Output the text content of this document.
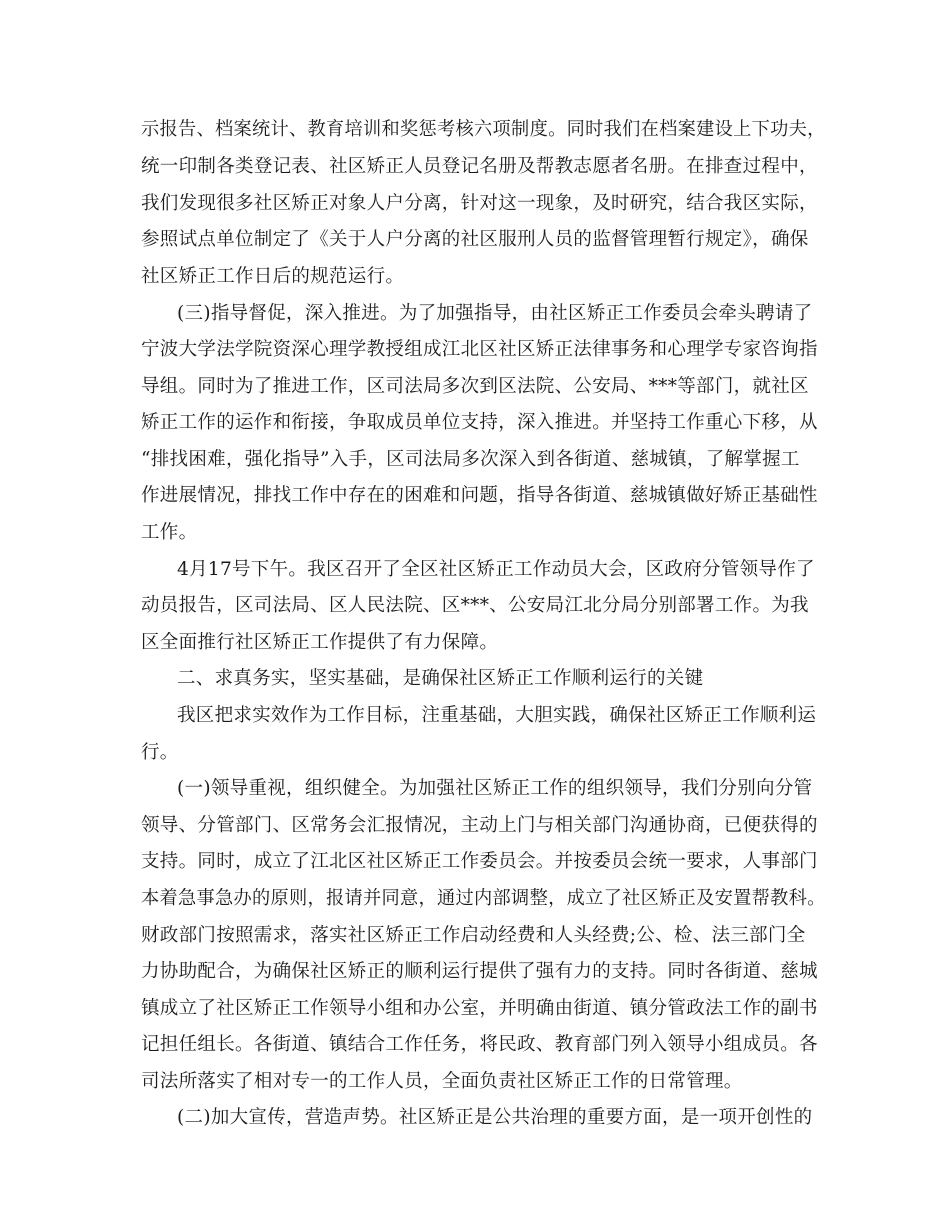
示报告、档案统计、教育培训和奖惩考核六项制度。同时我们在档案建设上下功夫，
统一印制各类登记表、社区矫正人员登记名册及帮教志愿者名册。在排查过程中，
我们发现很多社区矫正对象人户分离，针对这一现象，及时研究，结合我区实际，
参照试点单位制定了《关于人户分离的社区服刑人员的监督管理暂行规定》，确保
社区矫正工作日后的规范运行。
(三)指导督促，深入推进。为了加强指导，由社区矫正工作委员会牵头聘请了
宁波大学法学院资深心理学教授组成江北区社区矫正法律事务和心理学专家咨询指
导组。同时为了推进工作，区司法局多次到区法院、公安局、***等部门，就社区
矫正工作的运作和衔接，争取成员单位支持，深入推进。并坚持工作重心下移，从
“排找困难，强化指导”入手，区司法局多次深入到各街道、慈城镇，了解掌握工
作进展情况，排找工作中存在的困难和问题，指导各街道、慈城镇做好矫正基础性
工作。
4月17号下午。我区召开了全区社区矫正工作动员大会，区政府分管领导作了
动员报告，区司法局、区人民法院、区***、公安局江北分局分别部署工作。为我
区全面推行社区矫正工作提供了有力保障。
二、求真务实，坚实基础，是确保社区矫正工作顺利运行的关键
我区把求实效作为工作目标，注重基础，大胆实践，确保社区矫正工作顺利运
行。
(一)领导重视，组织健全。为加强社区矫正工作的组织领导，我们分别向分管
领导、分管部门、区常务会汇报情况，主动上门与相关部门沟通协商，已便获得的
支持。同时，成立了江北区社区矫正工作委员会。并按委员会统一要求，人事部门
本着急事急办的原则，报请并同意，通过内部调整，成立了社区矫正及安置帮教科。
财政部门按照需求，落实社区矫正工作启动经费和人头经费;公、检、法三部门全
力协助配合，为确保社区矫正的顺利运行提供了强有力的支持。同时各街道、慈城
镇成立了社区矫正工作领导小组和办公室，并明确由街道、镇分管政法工作的副书
记担任组长。各街道、镇结合工作任务，将民政、教育部门列入领导小组成员。各
司法所落实了相对专一的工作人员，全面负责社区矫正工作的日常管理。
(二)加大宣传，营造声势。社区矫正是公共治理的重要方面，是一项开创性的
